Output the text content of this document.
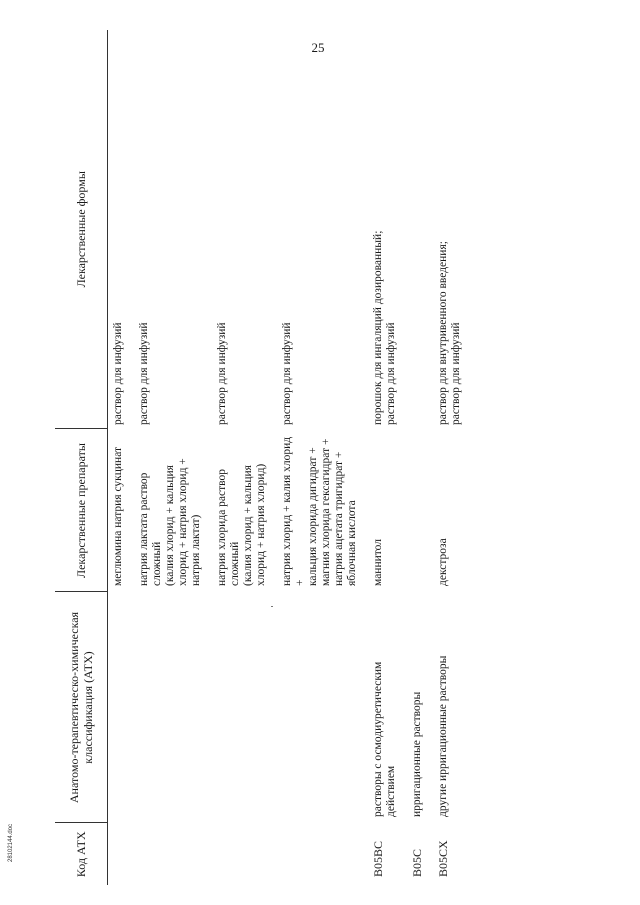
25
Код АТХ	Анатомо-терапевтическо-химическая классификация (АТХ)	Лекарственные препараты	Лекарственные формы

		меглюмина натрия сукцинат	раствор для инфузий

		натрия лактата раствор сложный (калия хлорид + кальция хлорид + натрия хлорид + натрия лактат)	раствор для инфузий

		натрия хлорида раствор сложный (калия хлорид + кальция хлорид + натрия хлорид)	раствор для инфузий

		натрия хлорид + калия хлорид + кальция хлорида дигидрат + магния хлорида гексагидрат + натрия ацетата тригидрат + яблочная кислота	раствор для инфузий

B05BC	растворы с осмодиуретическим действием	маннитол	порошок для ингаляций дозированный; раствор для инфузий

B05C	ирригационные растворы		

B05CX	другие ирригационные растворы	декстроза	раствор для внутривенного введения; раствор для инфузий
28102144.doc
